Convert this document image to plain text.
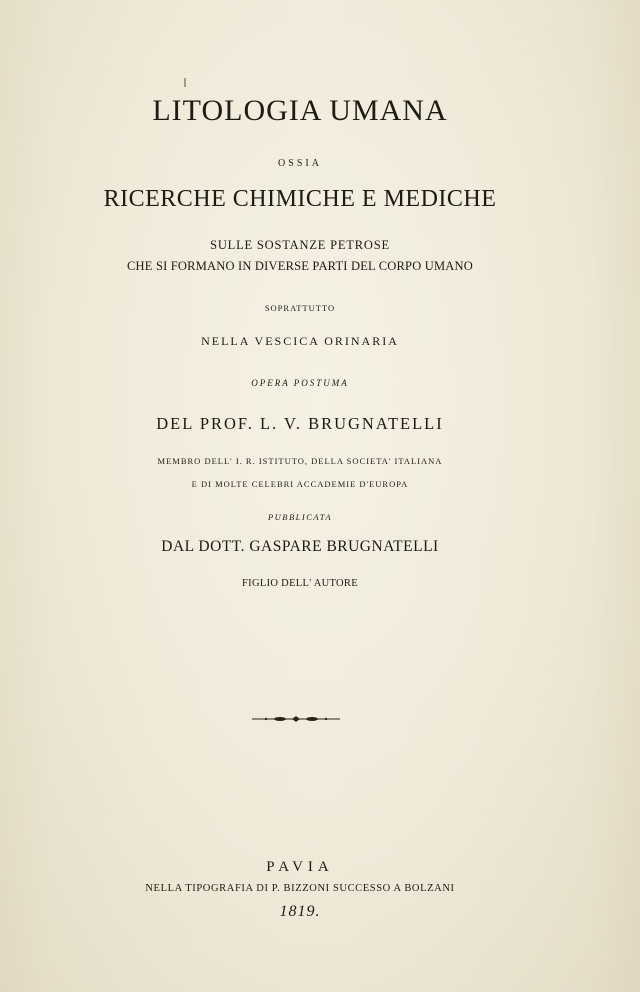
LITOLOGIA UMANA
OSSIA
RICERCHE CHIMICHE E MEDICHE
SULLE SOSTANZE PETROSE
CHE SI FORMANO IN DIVERSE PARTI DEL CORPO UMANO
SOPRATTUTTO
NELLA VESCICA ORINARIA
OPERA POSTUMA
DEL PROF. L. V. BRUGNATELLI
MEMBRO DELL' I. R. ISTITUTO, DELLA SOCIETA' ITALIANA
E DI MOLTE CELEBRI ACCADEMIE D'EUROPA
PUBBLICATA
DAL DOTT. GASPARE BRUGNATELLI
FIGLIO DELL' AUTORE
PAVIA
NELLA TIPOGRAFIA DI P. BIZZONI SUCCESSO A BOLZANI
1819.
